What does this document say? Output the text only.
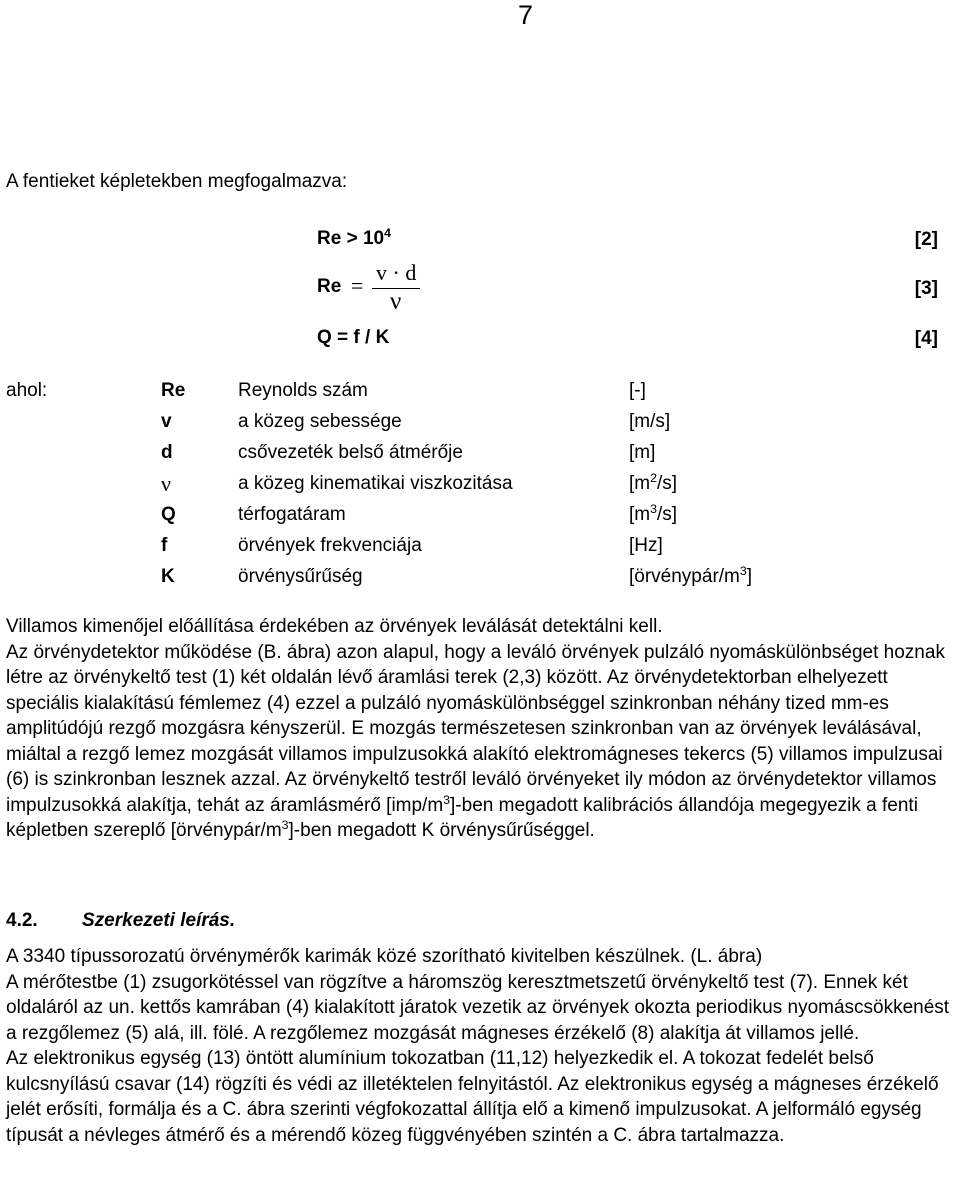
7
A fentieket képletekben megfogalmazva:
$Re > 10^4$	[2]
Re =
v · d
ν	[3]
Q = f / K	[4]
ahol:	Re	Reynolds szám	[-]
v	a közeg sebessége	[m/s]
d	csővezeték belső átmérője	[m]
ν	a közeg kinematikai viszkozitása	$[m^2/s]$
Q	térfogatáram	$[m^3/s]$
f	örvények frekvenciája	[Hz]
K	örvénysűrűség	$[örvénypár/m^3]$

Villamos kimenőjel előállítása érdekében az örvények leválását detektálni kell.

Az örvénydetektor működése (B. ábra) azon alapul, hogy a leváló örvények pulzáló nyomáskülönbséget hoznak létre az örvénykeltő test (1) két oldalán lévő áramlási terek (2,3) között. Az örvénydetektorban elhelyezett speciális kialakítású fémlemez (4) ezzel a pulzáló nyomáskülönbséggel szinkronban néhány tized mm-es amplitúdójú rezgő mozgásra kényszerül. E mozgás természetesen szinkronban van az örvények leválásával, miáltal a rezgő lemez mozgását villamos impulzusokká alakító elektromágneses tekercs (5) villamos impulzusai (6) is szinkronban lesznek azzal. Az örvénykeltő testről leváló örvényeket ily módon az örvénydetektor villamos impulzusokká alakítja, tehát az áramlásmérő $[imp/m^3]$-ben megadott kalibrációs állandója megegyezik a fenti képletben szereplő $[örvénypár/m^3]$-ben megadott K örvénysűrűséggel.

4.2. Szerkezeti leírás.

A 3340 típussorozatú örvénymérők karimák közé szorítható kivitelben készülnek. (L. ábra)

A mérőtestbe (1) zsugorkötéssel van rögzítve a háromszög keresztmetszetű örvénykeltő test (7). Ennek két oldaláról az un. kettős kamrában (4) kialakított járatok vezetik az örvények okozta periodikus nyomáscsökkenést a rezgőlemez (5) alá, ill. fölé. A rezgőlemez mozgását mágneses érzékelő (8) alakítja át villamos jellé.

Az elektronikus egység (13) öntött alumínium tokozatban (11,12) helyezkedik el. A tokozat fedelét belső kulcsnyílású csavar (14) rögzíti és védi az illetéktelen felnyitástól. Az elektronikus egység a mágneses érzékelő jelét erősíti, formálja és a C. ábra szerinti végfokozattal állítja elő a kimenő impulzusokat. A jelformáló egység típusát a névleges átmérő és a mérendő közeg függvényében szintén a C. ábra tartalmazza.
